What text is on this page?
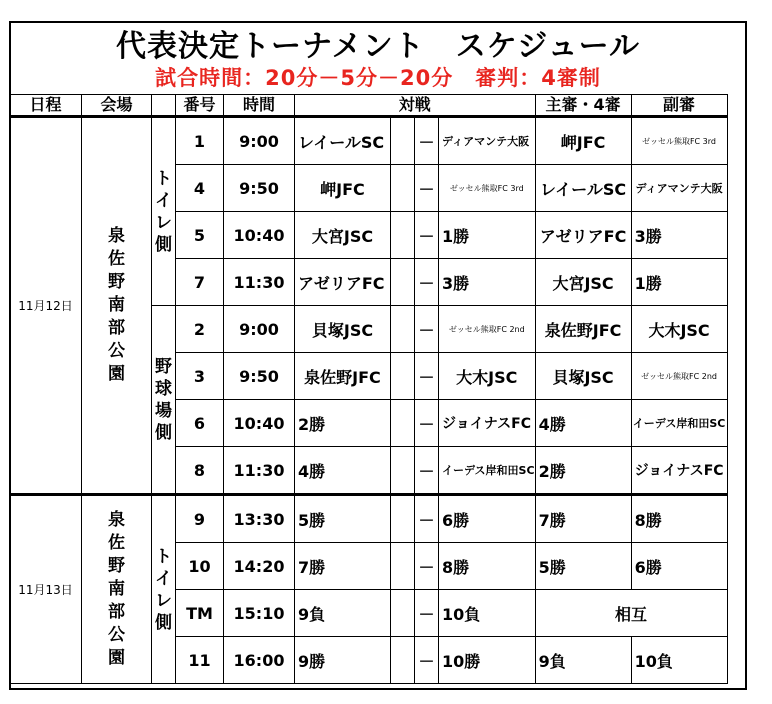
代表決定トーナメント　スケジュール
試合時間：20分－5分－20分　審判：4審制
日程	会場		番号	時間	対戦				主審・4審	副審
11月12日	泉佐野南部公園	トイレ側	1	9:00	レイールSC		－	ディアマンテ大阪	岬JFC	ゼッセル熊取FC 3rd
			4	9:50	岬JFC		－	ゼッセル熊取FC 3rd	レイールSC	ディアマンテ大阪
			5	10:40	大宮JSC		－	1勝	アゼリアFC	3勝
			7	11:30	アゼリアFC		－	3勝	大宮JSC	1勝
		野球場側	2	9:00	貝塚JSC		－	ゼッセル熊取FC 2nd	泉佐野JFC	大木JSC
			3	9:50	泉佐野JFC		－	大木JSC	貝塚JSC	ゼッセル熊取FC 2nd
			6	10:40	2勝		－	ジョイナスFC	4勝	イーデス岸和田SC
			8	11:30	4勝		－	イーデス岸和田SC	2勝	ジョイナスFC
11月13日	泉佐野南部公園	トイレ側	9	13:30	5勝		－	6勝	7勝	8勝
			10	14:20	7勝		－	8勝	5勝	6勝
			TM	15:10	9負		－	10負	相互	
			11	16:00	9勝		－	10勝	9負	10負
